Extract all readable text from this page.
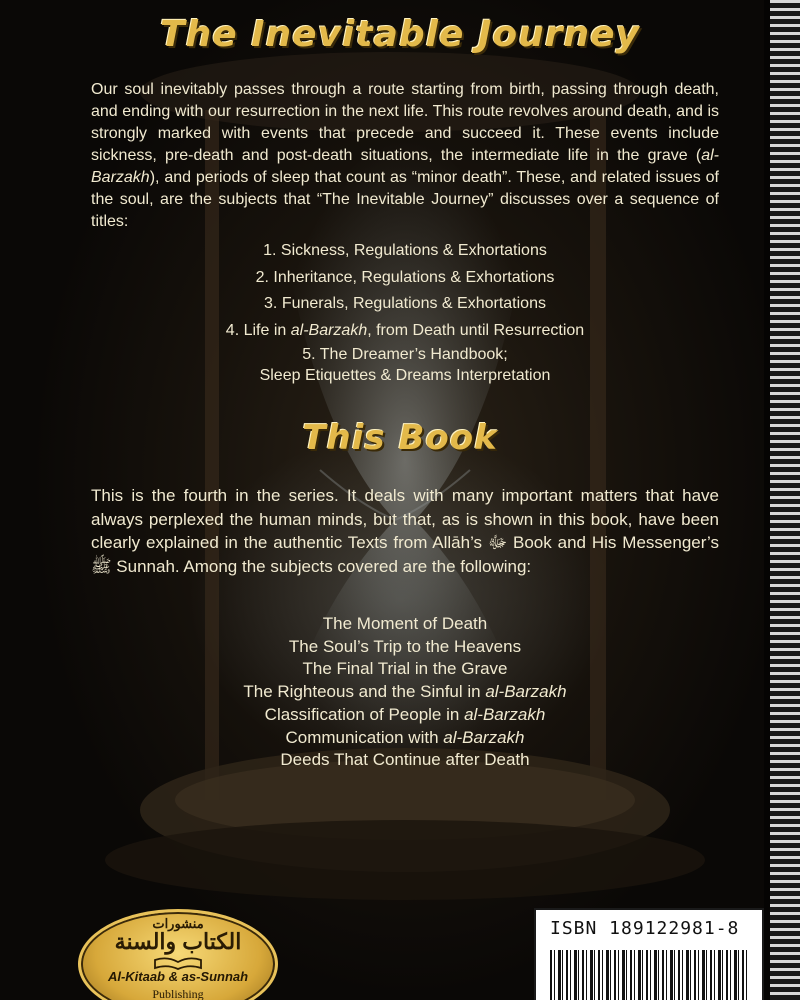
The Inevitable Journey

Our soul inevitably passes through a route starting from birth, passing through death, and ending with our resurrection in the next life. This route revolves around death, and is strongly marked with events that precede and succeed it. These events include sickness, pre-death and post-death situations, the intermediate life in the grave (al-Barzakh), and periods of sleep that count as “minor death”. These, and related issues of the soul, are the subjects that “The Inevitable Journey” discusses over a sequence of titles:

1. Sickness, Regulations & Exhortations
2. Inheritance, Regulations & Exhortations
3. Funerals, Regulations & Exhortations
4. Life in al-Barzakh, from Death until Resurrection
5. The Dreamer’s Handbook;
Sleep Etiquettes & Dreams Interpretation
This Book

This is the fourth in the series. It deals with many important matters that have always perplexed the human minds, but that, as is shown in this book, have been clearly explained in the authentic Texts from Allāh’s ﷻ Book and His Messenger’s ﷺ Sunnah. Among the subjects covered are the following:

The Moment of Death
The Soul’s Trip to the Heavens
The Final Trial in the Grave
The Righteous and the Sinful in al-Barzakh
Classification of People in al-Barzakh
Communication with al-Barzakh
Deeds That Continue after Death
منشورات
الكتاب والسنة
Al-Kitaab & as-Sunnah
Publishing
ISBN 189122981-8
